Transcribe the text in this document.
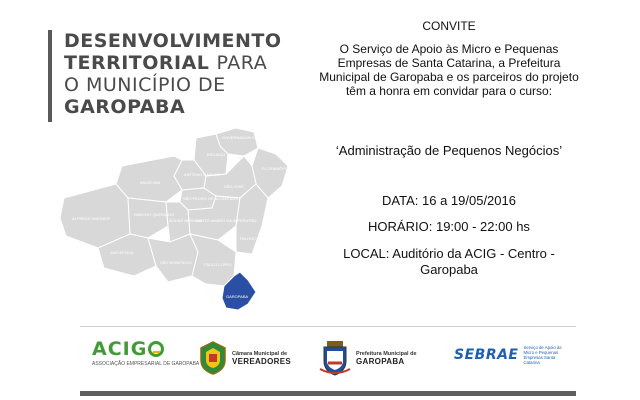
DESENVOLVIMENTO
TERRITORIAL PARA
O MUNICÍPIO DE
GAROPABA
GOVERNADOR CELSO RAMOS
BIGUAÇU
FLORIANÓPOLIS
ANTÔNIO CARLOS
ANGELINA
SÃO PEDRO DE ALCÂNTARA
SÃO JOSÉ
ALFREDO WAGNER
RANCHO QUEIMADO
ÁGUAS MORNAS
SANTO AMARO DA IMPERATRIZ
PALHOÇA
ANITÁPOLIS
SÃO BONIFÁCIO	PAULO LOPES
GAROPABA
CONVITE
O Serviço de Apoio às Micro e Pequenas Empresas de Santa Catarina, a Prefeitura Municipal de Garopaba e os parceiros do projeto têm a honra em convidar para o curso:
‘Administração de Pequenos Negócios’
DATA: 16 a 19/05/2016
HORÁRIO: 19:00 - 22:00 hs
LOCAL: Auditório da ACIG - Centro - Garopaba
ACIG
ASSOCIAÇÃO EMPRESARIAL DE GAROPABA
Câmara Municipal de
VEREADORES
Prefeitura Municipal de
GAROPABA	SEBRAE Serviço de Apoio às Micro e Pequenas Empresas Santa Catarina
